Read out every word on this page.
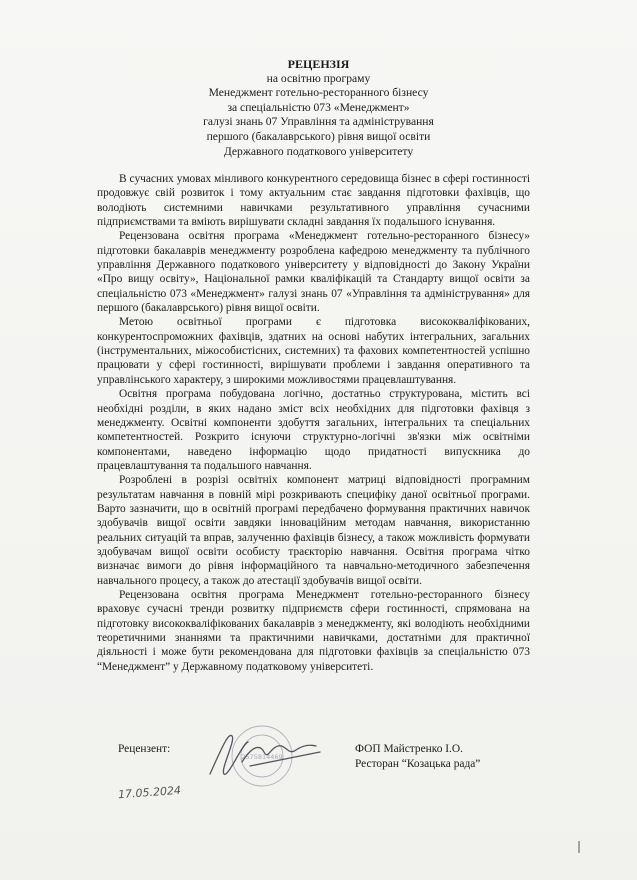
РЕЦЕНЗІЯ
на освітню програму
Менеджмент готельно-ресторанного бізнесу
за спеціальністю 073 «Менеджмент»
галузі знань 07 Управління та адміністрування
першого (бакалаврського) рівня вищої освіти
Державного податкового університету

В сучасних умовах мінливого конкурентного середовища бізнес в сфері гостинності продовжує свій розвиток і тому актуальним стає завдання підготовки фахівців, що володіють системними навичками результативного управління сучасними підприємствами та вміють вирішувати складні завдання їх подальшого існування.

Рецензована освітня програма «Менеджмент готельно-ресторанного бізнесу» підготовки бакалаврів менеджменту розроблена кафедрою менеджменту та публічного управління Державного податкового університету у відповідності до Закону України «Про вищу освіту», Національної рамки кваліфікацій та Стандарту вищої освіти за спеціальністю 073 «Менеджмент» галузі знань 07 «Управління та адміністрування» для першого (бакалаврського) рівня вищої освіти.

Метою освітньої програми є підготовка висококваліфікованих, конкурентоспроможних фахівців, здатних на основі набутих інтегральних, загальних (інструментальних, міжособистісних, системних) та фахових компетентностей успішно працювати у сфері гостинності, вирішувати проблеми і завдання оперативного та управлінського характеру, з широкими можливостями працевлаштування.

Освітня програма побудована логічно, достатньо структурована, містить всі необхідні розділи, в яких надано зміст всіх необхідних для підготовки фахівця з менеджменту. Освітні компоненти здобуття загальних, інтегральних та спеціальних компетентностей. Розкрито існуючи структурно-логічні зв'язки між освітніми компонентами, наведено інформацію щодо придатності випускника до працевлаштування та подальшого навчання.

Розроблені в розрізі освітніх компонент матриці відповідності програмним результатам навчання в повній мірі розкривають специфіку даної освітньої програми. Варто зазначити, що в освітній програмі передбачено формування практичних навичок здобувачів вищої освіти завдяки інноваційним методам навчання, використанню реальних ситуацій та вправ, залученню фахівців бізнесу, а також можливість формувати здобувачам вищої освіти особисту траєкторію навчання. Освітня програма чітко визначає вимоги до рівня інформаційного та навчально-методичного забезпечення навчального процесу, а також до атестації здобувачів вищої освіти.

Рецензована освітня програма Менеджмент готельно-ресторанного бізнесу враховує сучасні тренди розвитку підприємств сфери гостинності, спрямована на підготовку висококваліфікованих бакалаврів з менеджменту, які володіють необхідними теоретичними знаннями та практичними навичками, достатніми для практичної діяльності і може бути рекомендована для підготовки фахівців за спеціальністю 073 “Менеджмент” у Державному податковому університеті.

Рецензент:
2575814469
ФОП Майстренко І.О.
Ресторан “Козацька рада”
17.05.2024
